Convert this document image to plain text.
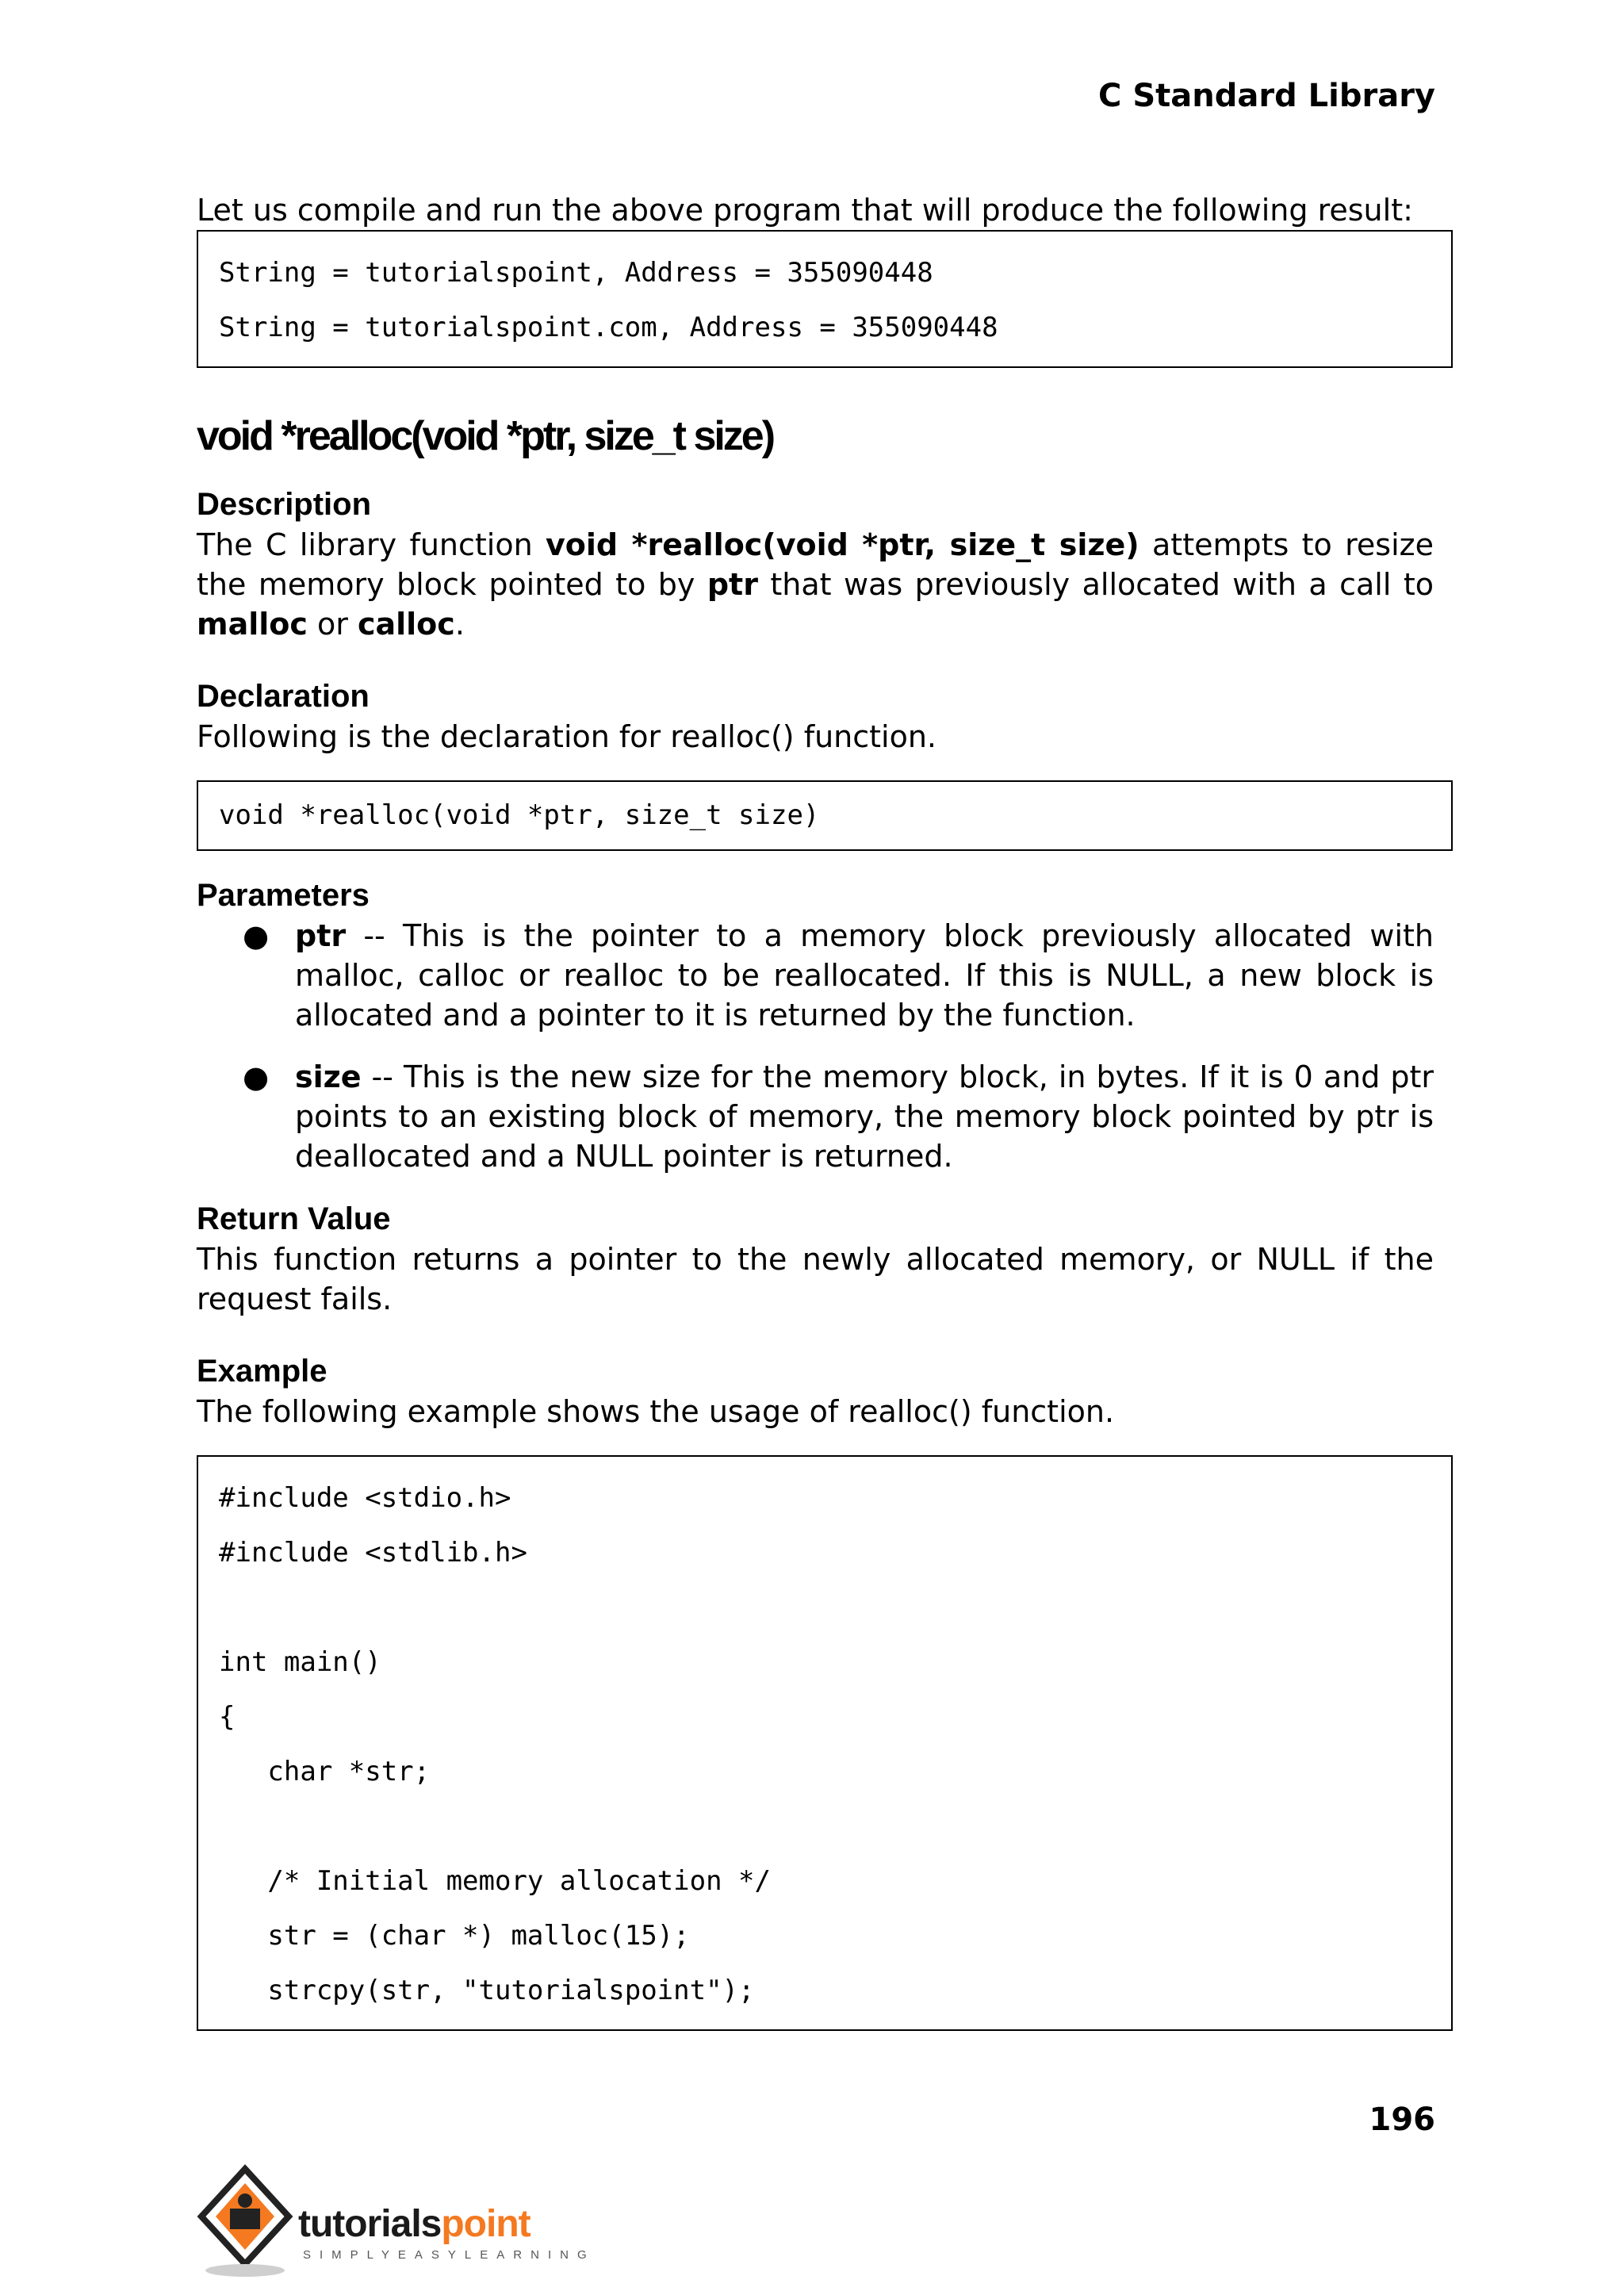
C Standard Library

Let us compile and run the above program that will produce the following result:

String = tutorialspoint, Address = 355090448
String = tutorialspoint.com, Address = 355090448
void *realloc(void *ptr, size_t size)
Description

The C library function void *realloc(void *ptr, size_t size) attempts to resize the memory block pointed to by ptr that was previously allocated with a call to malloc or calloc.

Declaration

Following is the declaration for realloc() function.

void *realloc(void *ptr, size_t size)
Parameters
● ptr -- This is the pointer to a memory block previously allocated with malloc, calloc or realloc to be reallocated. If this is NULL, a new block is allocated and a pointer to it is returned by the function.
● size -- This is the new size for the memory block, in bytes. If it is 0 and ptr points to an existing block of memory, the memory block pointed by ptr is deallocated and a NULL pointer is returned.
Return Value

This function returns a pointer to the newly allocated memory, or NULL if the request fails.

Example

The following example shows the usage of realloc() function.

#include <stdio.h>
#include <stdlib.h>
int main()
{
char *str;
/* Initial memory allocation */
str = (char *) malloc(15);
strcpy(str, "tutorialspoint");
196
tutorialspoint
SIMPLYEASYLEARNING
